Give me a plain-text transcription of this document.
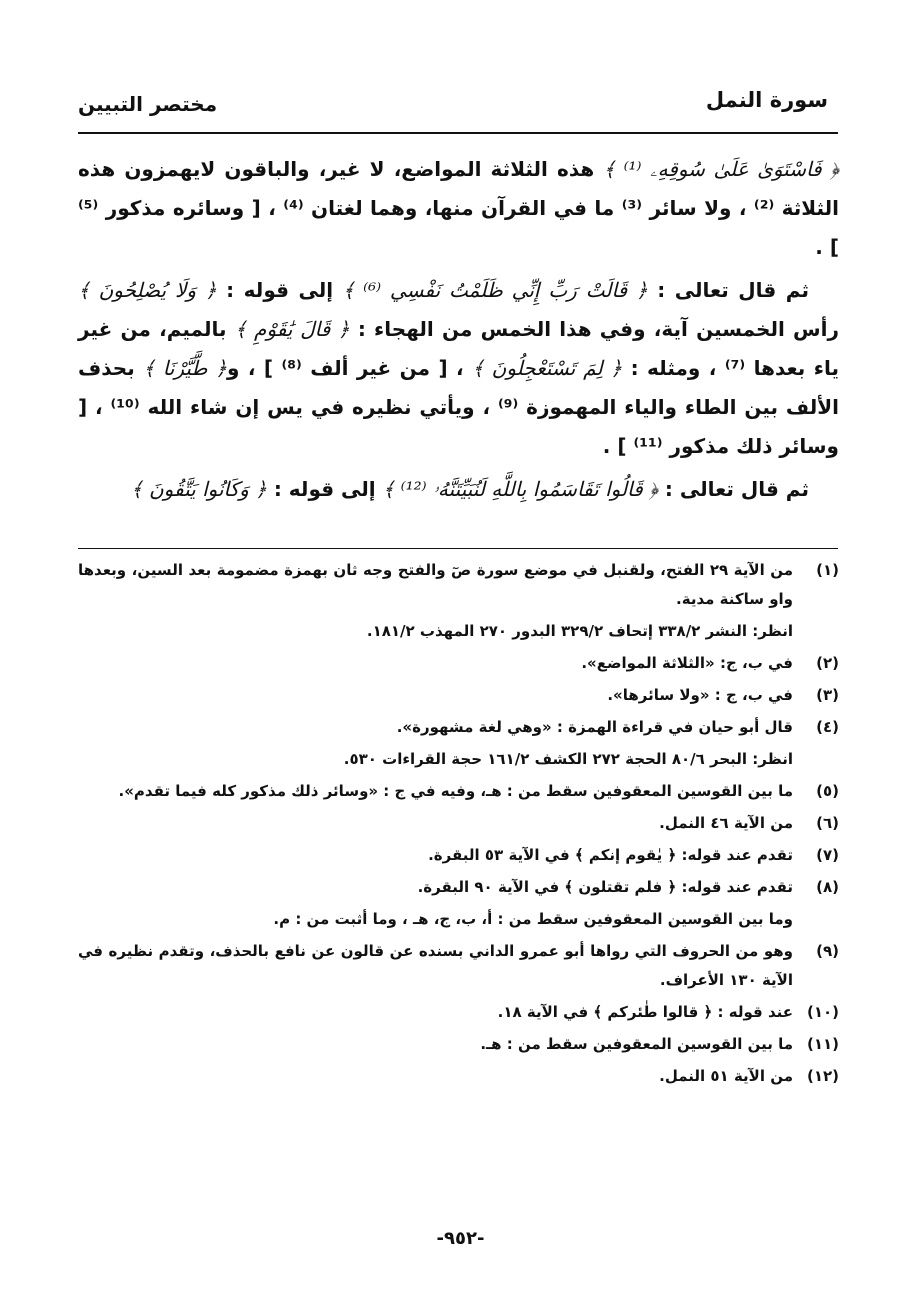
سورة النمل
مختصر التبيين

﴿ فَاسْتَوَىٰ عَلَىٰ سُوقِهِۦ ⁽¹⁾ ﴾ هذه الثلاثة المواضع، لا غير، والباقون لايهمزون هذه الثلاثة ⁽²⁾ ، ولا سائر ⁽³⁾ ما في القرآن منها، وهما لغتان ⁽⁴⁾ ، [ وسائره مذكور ⁽⁵⁾ ] .

ثم قال تعالى : ﴿ قَالَتْ رَبِّ إِنِّي ظَلَمْتُ نَفْسِي ⁽⁶⁾ ﴾ إلى قوله : ﴿ وَلَا يُصْلِحُونَ ﴾ رأس الخمسين آية، وفي هذا الخمس من الهجاء : ﴿ قَالَ يَٰقَوْمِ ﴾ بالميم، من غير ياء بعدها ⁽⁷⁾ ، ومثله : ﴿ لِمَ تَسْتَعْجِلُونَ ﴾ ، [ من غير ألف ⁽⁸⁾ ] ، و﴿ طَّيَّرْنَا ﴾ بحذف الألف بين الطاء والياء المهموزة ⁽⁹⁾ ، ويأتي نظيره في يس إن شاء الله ⁽¹⁰⁾ ، [ وسائر ذلك مذكور ⁽¹¹⁾ ] .

ثم قال تعالى : ﴿ قَالُوا تَقَاسَمُوا بِاللَّهِ لَنُبَيِّتَنَّهُۥ ⁽¹²⁾ ﴾ إلى قوله : ﴿ وَكَانُوا يَتَّقُونَ ﴾

(١)
من الآية ٢٩ الفتح، ولقنبل في موضع سورة صٓ والفتح وجه ثان بهمزة مضمومة بعد السين، وبعدها واو ساكنة مدية.
انظر: النشر ٣٣٨/٢ إتحاف ٣٢٩/٢ البدور ٢٧٠ المهذب ١٨١/٢.
(٢)
في ب، ج: «الثلاثة المواضع».
(٣)
في ب، ج : «ولا سائرها».
(٤)
قال أبو حيان في قراءة الهمزة : «وهي لغة مشهورة».
انظر: البحر ٨٠/٦ الحجة ٢٧٢ الكشف ١٦١/٢ حجة القراءات ٥٣٠.
(٥)
ما بين القوسين المعقوفين سقط من : هـ، وفيه في ج : «وسائر ذلك مذكور كله فيما تقدم».
(٦)
من الآية ٤٦ النمل.
(٧)
تقدم عند قوله: ﴿ يٰقوم إنكم ﴾ في الآية ٥٣ البقرة.
(٨)
تقدم عند قوله: ﴿ فلم تقتلون ﴾ في الآية ٩٠ البقرة.
وما بين القوسين المعقوفين سقط من : أ، ب، ج، هـ ، وما أثبت من : م.
(٩)
وهو من الحروف التي رواها أبو عمرو الداني بسنده عن قالون عن نافع بالحذف، وتقدم نظيره في الآية ١٣٠ الأعراف.
(١٠)
عند قوله : ﴿ قالوا طٰئركم ﴾ في الآية ١٨.
(١١)
ما بين القوسين المعقوفين سقط من : هـ.
(١٢)
من الآية ٥١ النمل.
-٩٥٢-
